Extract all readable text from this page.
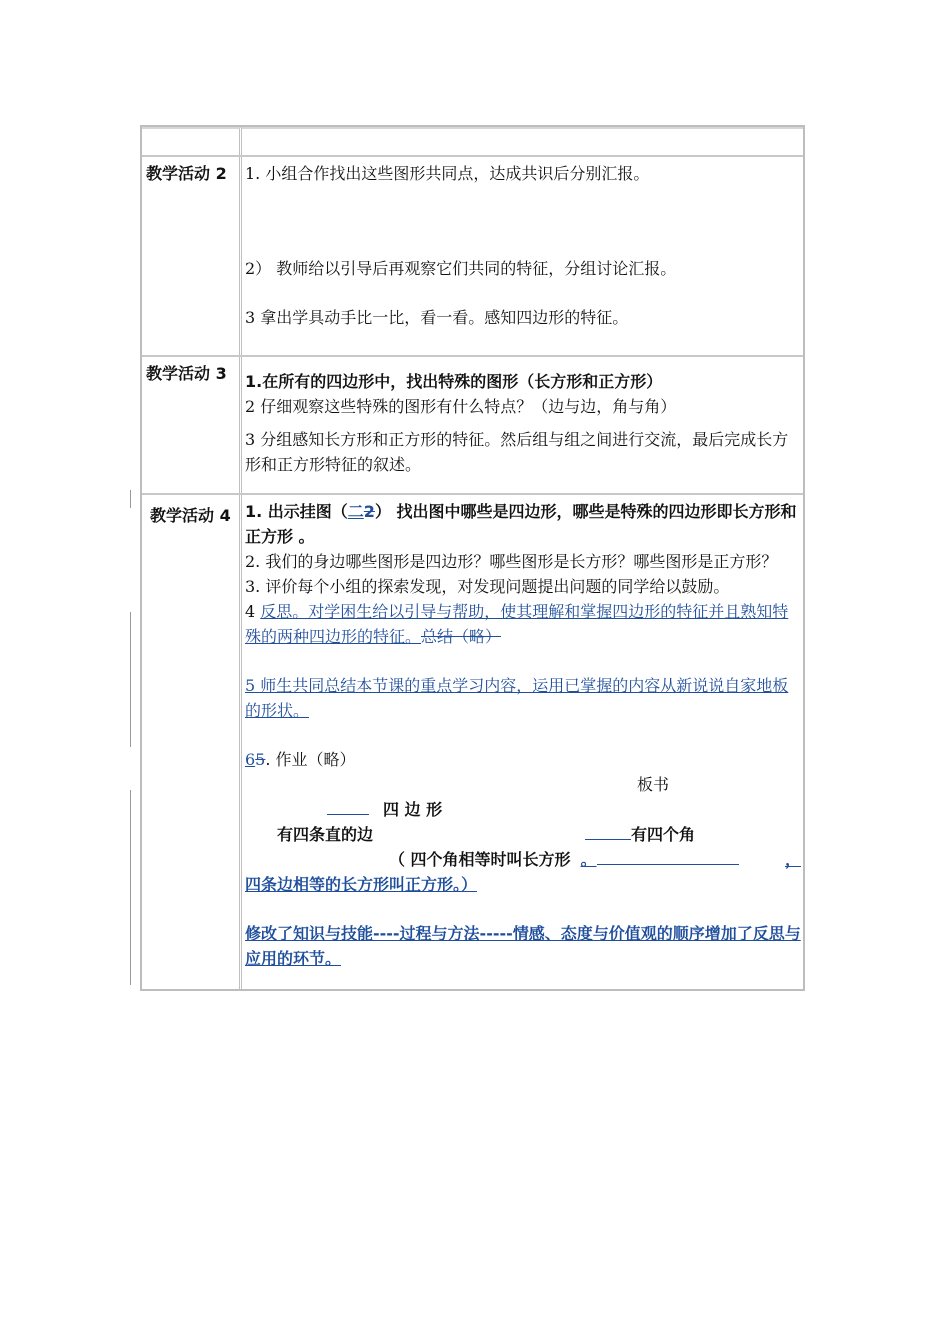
教学活动 2	1. 小组合作找出这些图形共同点，达成共识后分别汇报。
2） 教师给以引导后再观察它们共同的特征，分组讨论汇报。
3 拿出学具动手比一比，看一看。感知四边形的特征。
教学活动 3	1.在所有的四边形中，找出特殊的图形（长方形和正方形）
2 仔细观察这些特殊的图形有什么特点？（边与边，角与角）
3 分组感知长方形和正方形的特征。然后组与组之间进行交流，最后完成长方形和正方形特征的叙述。
教学活动 4 1. 出示挂图（二2） 找出图中哪些是四边形，哪些是特殊的四边形即长方形和正方形 。
2. 我们的身边哪些图形是四边形？哪些图形是长方形？哪些图形是正方形？
3. 评价每个小组的探索发现，对发现问题提出问题的同学给以鼓励。
4 反思。对学困生给以引导与帮助，使其理解和掌握四边形的特征并且熟知特殊的两种四边形的特征。总结（略）
5 师生共同总结本节课的重点学习内容，运用已掌握的内容从新说说自家地板的形状。
65. 作业（略）
板书
四 边 形
有四条直的边	有四个角
（ 四个角相等时叫长方形 。	，四条边相等的长方形叫正方形。）
修改了知识与技能----过程与方法-----情感、态度与价值观的顺序增加了反思与应用的环节。
